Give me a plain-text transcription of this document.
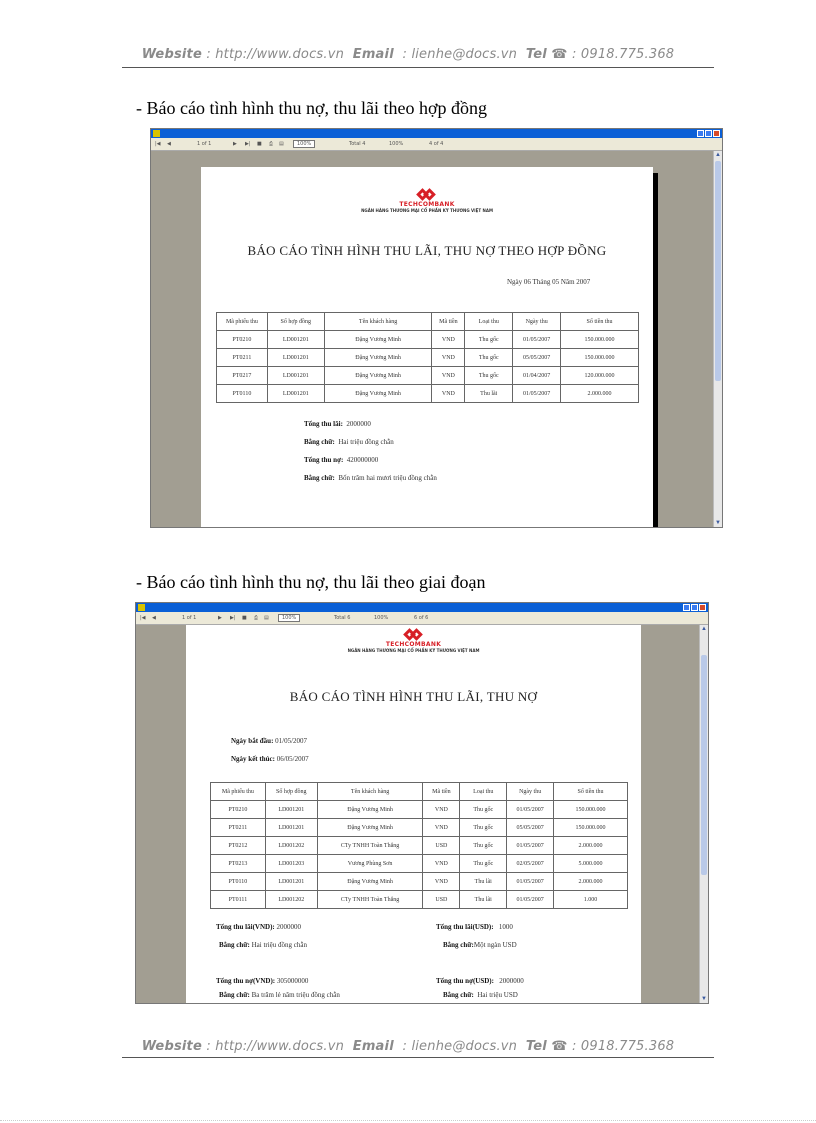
Website : http://www.docs.vn Email  : lienhe@docs.vn Tel ☎ : 0918.775.368
- Báo cáo tình hình thu nợ, thu lãi theo hợp đồng
|◀ ◀	1 of 1	▶ ▶| ■ ⎙ ▤	100%	Total 4	100%	4 of 4
▲
▼
TECHCOMBANK
NGÂN HÀNG THƯƠNG MẠI CỔ PHẦN KỸ THƯƠNG VIỆT NAM
BÁO CÁO TÌNH HÌNH THU LÃI, THU NỢ THEO HỢP ĐỒNG
Ngày 06 Tháng 05 Năm 2007
Mã phiếu thu	Số hợp đồng	Tên khách hàng	Mã tiền	Loại thu	Ngày thu	Số tiền thu
PT0210	LD001201	Đặng Vương Minh	VND	Thu gốc	01/05/2007	150.000.000
PT0211	LD001201	Đặng Vương Minh	VND	Thu gốc	05/05/2007	150.000.000
PT0217	LD001201	Đặng Vương Minh	VND	Thu gốc	01/04/2007	120.000.000
PT0110	LD001201	Đặng Vương Minh	VND	Thu lãi	01/05/2007	2.000.000
Tổng thu lãi: 2000000
Bằng chữ: Hai triệu đồng chẵn
Tổng thu nợ: 420000000
Bằng chữ: Bốn trăm hai mươi triệu đồng chẵn
- Báo cáo tình hình thu nợ, thu lãi theo giai đoạn
|◀ ◀	1 of 1	▶ ▶| ■ ⎙ ▤	100%	Total 6	100%	6 of 6
▲
▼
TECHCOMBANK
NGÂN HÀNG THƯƠNG MẠI CỔ PHẦN KỸ THƯƠNG VIỆT NAM
BÁO CÁO TÌNH HÌNH THU LÃI, THU NỢ
Ngày bắt đầu: 01/05/2007
Ngày kết thúc: 06/05/2007
Mã phiếu thu	Số hợp đồng	Tên khách hàng	Mã tiền	Loại thu	Ngày thu	Số tiền thu
PT0210	LD001201	Đặng Vương Minh	VND	Thu gốc	01/05/2007	150.000.000
PT0211	LD001201	Đặng Vương Minh	VND	Thu gốc	05/05/2007	150.000.000
PT0212	LD001202	CTy TNHH Toàn Thắng	USD	Thu gốc	01/05/2007	2.000.000
PT0213	LD001203	Vương Phùng Sơn	VND	Thu gốc	02/05/2007	5.000.000
PT0110	LD001201	Đặng Vương Minh	VND	Thu lãi	01/05/2007	2.000.000
PT0111	LD001202	CTy TNHH Toàn Thắng	USD	Thu lãi	01/05/2007	1.000
Tổng thu lãi(VND): 2000000	Tổng thu lãi(USD): 1000
Bằng chữ: Hai triệu đồng chẵn	Bằng chữ:Một ngàn USD
Tổng thu nợ(VND): 305000000	Tổng thu nợ(USD): 2000000
Bằng chữ: Ba trăm lẻ năm triệu đồng chẵn	Bằng chữ: Hai triệu USD
Website : http://www.docs.vn Email  : lienhe@docs.vn Tel ☎ : 0918.775.368
